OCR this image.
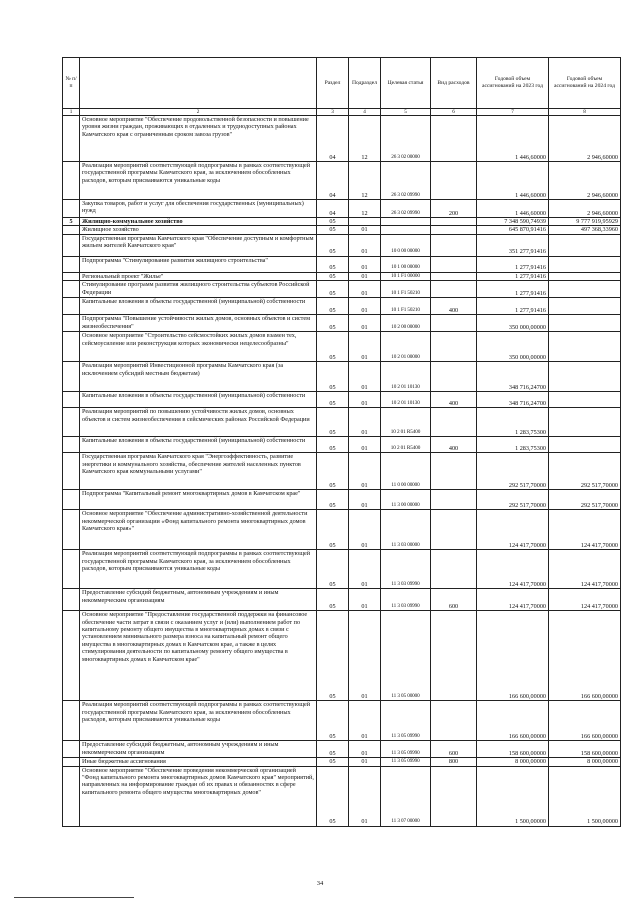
№ п/п		Раздел	Подраздел	Целевая статья	Вид расходов	Годовой объем ассигнований на 2023 год	Годовой объем ассигнований на 2024 год
1	2	3	4	5	6	7	8
	Основное мероприятие "Обеспечение продовольственной безопасности и повышение уровня жизни граждан, проживающих в отдаленных и труднодоступных районах Камчатского края с ограниченным сроком завоза грузов"	04	12	26 3 02 00000		1 446,60000	2 946,60000
	Реализация мероприятий соответствующей подпрограммы в рамках соответствующей государственной программы Камчатского края, за исключением обособленных расходов, которым присваиваются уникальные коды	04	12	26 3 02 09990		1 446,60000	2 946,60000
	Закупка товаров, работ и услуг для обеспечения государственных (муниципальных) нужд	04	12	26 3 02 09990	200	1 446,60000	2 946,60000
5	Жилищно-коммунальное хозяйство	05				7 348 590,74939	9 777 919,95929
	Жилищное хозяйство	05	01			645 870,91416	497 368,33960
	Государственная программа Камчатского края "Обеспечение доступным и комфортным жильем жителей Камчатского края"	05	01	10 0 00 00000		351 277,91416	
	Подпрограмма "Стимулирование развития жилищного строительства"	05	01	10 1 00 00000		1 277,91416	
	Региональный проект "Жилье"	05	01	10 1 F1 00000		1 277,91416	
	Стимулирование программ развития жилищного строительства субъектов Российской Федерации	05	01	10 1 F1 50210		1 277,91416	
	Капитальные вложения в объекты государственной (муниципальной) собственности	05	01	10 1 F1 50210	400	1 277,91416	
	Подпрограмма "Повышение устойчивости жилых домов, основных объектов и систем жизнеобеспечения"	05	01	10 2 00 00000		350 000,00000	
	Основное мероприятие "Строительство сейсмостойких жилых домов взамен тех, сейсмоусиление или реконструкция которых экономически нецелесообразны"	05	01	10 2 01 00000		350 000,00000	
	Реализация мероприятий Инвестиционной программы Камчатского края (за исключением субсидий местным бюджетам)	05	01	10 2 01 10130		348 716,24700	
	Капитальные вложения в объекты государственной (муниципальной) собственности	05	01	10 2 01 10130	400	348 716,24700	
	Реализация мероприятий по повышению устойчивости жилых домов, основных объектов и систем жизнеобеспечения в сейсмических районах Российской Федерации	05	01	10 2 01 R5400		1 283,75300	
	Капитальные вложения в объекты государственной (муниципальной) собственности	05	01	10 2 01 R5400	400	1 283,75300	
	Государственная программа Камчатского края "Энергоэффективность, развитие энергетики и коммунального хозяйства, обеспечение жителей населенных пунктов Камчатского края коммунальными услугами"	05	01	11 0 00 00000		292 517,70000	292 517,70000
	Подпрограмма "Капитальный ремонт многоквартирных домов в Камчатском крае"	05	01	11 3 00 00000		292 517,70000	292 517,70000
	Основное мероприятие "Обеспечение административно-хозяйственной деятельности некоммерческой организации «Фонд капитального ремонта многоквартирных домов Камчатского края»"	05	01	11 3 03 00000		124 417,70000	124 417,70000
	Реализация мероприятий соответствующей подпрограммы в рамках соответствующей государственной программы Камчатского края, за исключением обособленных расходов, которым присваиваются уникальные коды	05	01	11 3 03 09990		124 417,70000	124 417,70000
	Предоставление субсидий бюджетным, автономным учреждениям и иным некоммерческим организациям	05	01	11 3 03 09990	600	124 417,70000	124 417,70000
	Основное мероприятие "Предоставление государственной поддержки на финансовое обеспечение части затрат в связи с оказанием услуг и (или) выполнением работ по капитальному ремонту общего имущества в многоквартирных домах в связи с установлением минимального размера взноса на капитальный ремонт общего имущества в многоквартирных домах в Камчатском крае, а также в целях стимулирования деятельности по капитальному ремонту общего имущества в многоквартирных домах в Камчатском крае"	05	01	11 3 05 00000		166 600,00000	166 600,00000
	Реализация мероприятий соответствующей подпрограммы в рамках соответствующей государственной программы Камчатского края, за исключением обособленных расходов, которым присваиваются уникальные коды	05	01	11 3 05 09990		166 600,00000	166 600,00000
	Предоставление субсидий бюджетным, автономным учреждениям и иным некоммерческим организациям	05	01	11 3 05 09990	600	158 600,00000	158 600,00000
	Иные бюджетные ассигнования	05	01	11 3 05 09990	800	8 000,00000	8 000,00000
	Основное мероприятие "Обеспечение проведения некоммерческой организацией "Фонд капитального ремонта многоквартирных домов Камчатского края" мероприятий, направленных на информирование граждан об их правах и обязанностях в сфере капитального ремонта общего имущества многоквартирных домов"	05	01	11 3 07 00000		1 500,00000	1 500,00000
34
